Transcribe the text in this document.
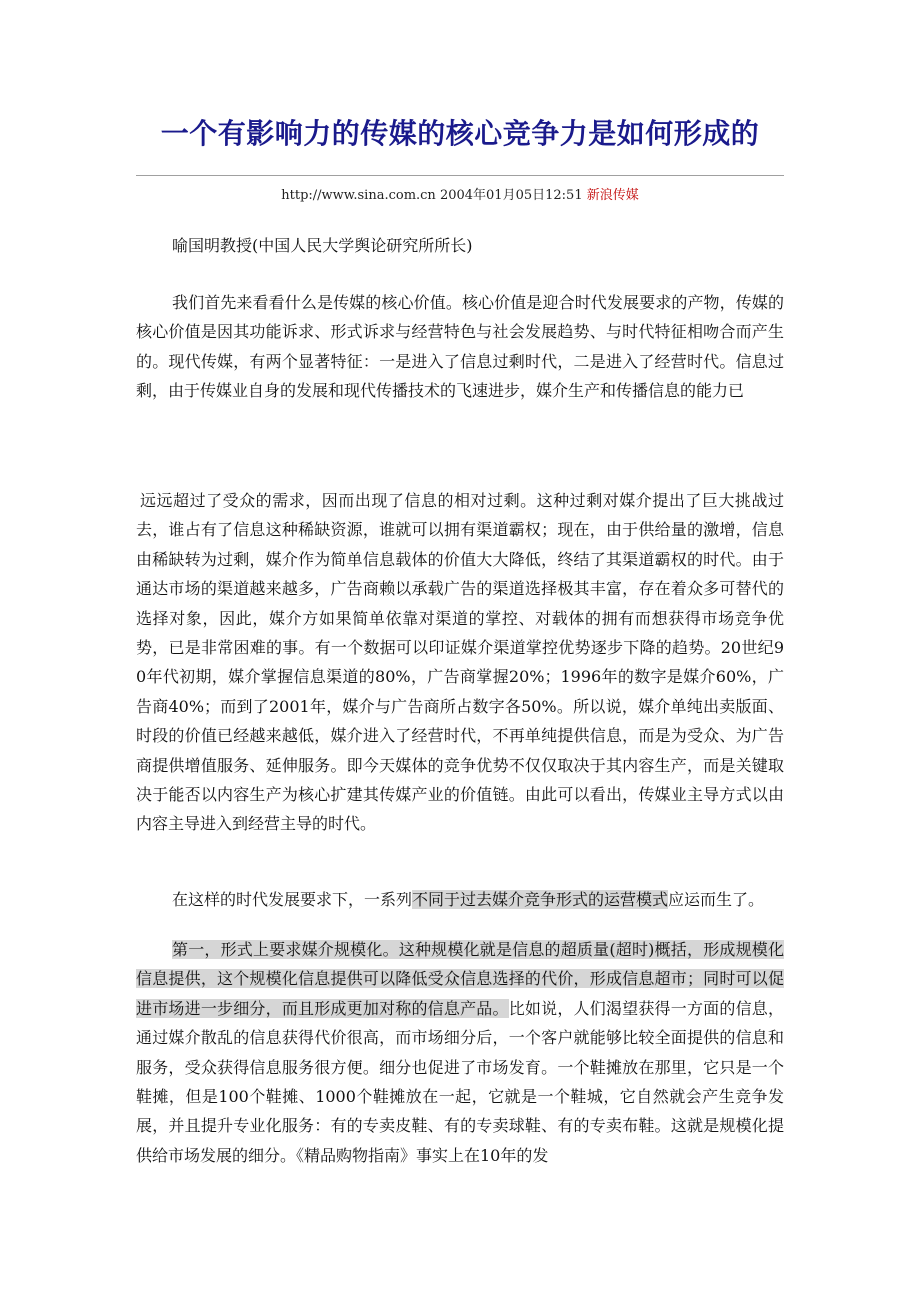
一个有影响力的传媒的核心竞争力是如何形成的
http://www.sina.com.cn 2004年01月05日12:51 新浪传媒
喻国明教授(中国人民大学舆论研究所所长)
我们首先来看看什么是传媒的核心价值。核心价值是迎合时代发展要求的产物，传媒的核心价值是因其功能诉求、形式诉求与经营特色与社会发展趋势、与时代特征相吻合而产生的。现代传媒，有两个显著特征：一是进入了信息过剩时代，二是进入了经营时代。信息过剩，由于传媒业自身的发展和现代传播技术的飞速进步，媒介生产和传播信息的能力已
远远超过了受众的需求，因而出现了信息的相对过剩。这种过剩对媒介提出了巨大挑战过去，谁占有了信息这种稀缺资源，谁就可以拥有渠道霸权；现在，由于供给量的激增，信息由稀缺转为过剩，媒介作为简单信息载体的价值大大降低，终结了其渠道霸权的时代。由于通达市场的渠道越来越多，广告商赖以承载广告的渠道选择极其丰富，存在着众多可替代的选择对象，因此，媒介方如果简单依靠对渠道的掌控、对载体的拥有而想获得市场竞争优势，已是非常困难的事。有一个数据可以印证媒介渠道掌控优势逐步下降的趋势。20世纪90年代初期，媒介掌握信息渠道的80%，广告商掌握20%；1996年的数字是媒介60%，广告商40%；而到了2001年，媒介与广告商所占数字各50%。所以说，媒介单纯出卖版面、时段的价值已经越来越低，媒介进入了经营时代，不再单纯提供信息，而是为受众、为广告商提供增值服务、延伸服务。即今天媒体的竞争优势不仅仅取决于其内容生产，而是关键取决于能否以内容生产为核心扩建其传媒产业的价值链。由此可以看出，传媒业主导方式以由内容主导进入到经营主导的时代。
在这样的时代发展要求下，一系列不同于过去媒介竞争形式的运营模式应运而生了。
第一，形式上要求媒介规模化。这种规模化就是信息的超质量(超时)概括，形成规模化信息提供，这个规模化信息提供可以降低受众信息选择的代价，形成信息超市；同时可以促进市场进一步细分，而且形成更加对称的信息产品。比如说，人们渴望获得一方面的信息，通过媒介散乱的信息获得代价很高，而市场细分后，一个客户就能够比较全面提供的信息和服务，受众获得信息服务很方便。细分也促进了市场发育。一个鞋摊放在那里，它只是一个鞋摊，但是100个鞋摊、1000个鞋摊放在一起，它就是一个鞋城，它自然就会产生竞争发展，并且提升专业化服务：有的专卖皮鞋、有的专卖球鞋、有的专卖布鞋。这就是规模化提供给市场发展的细分。《精品购物指南》事实上在10年的发
